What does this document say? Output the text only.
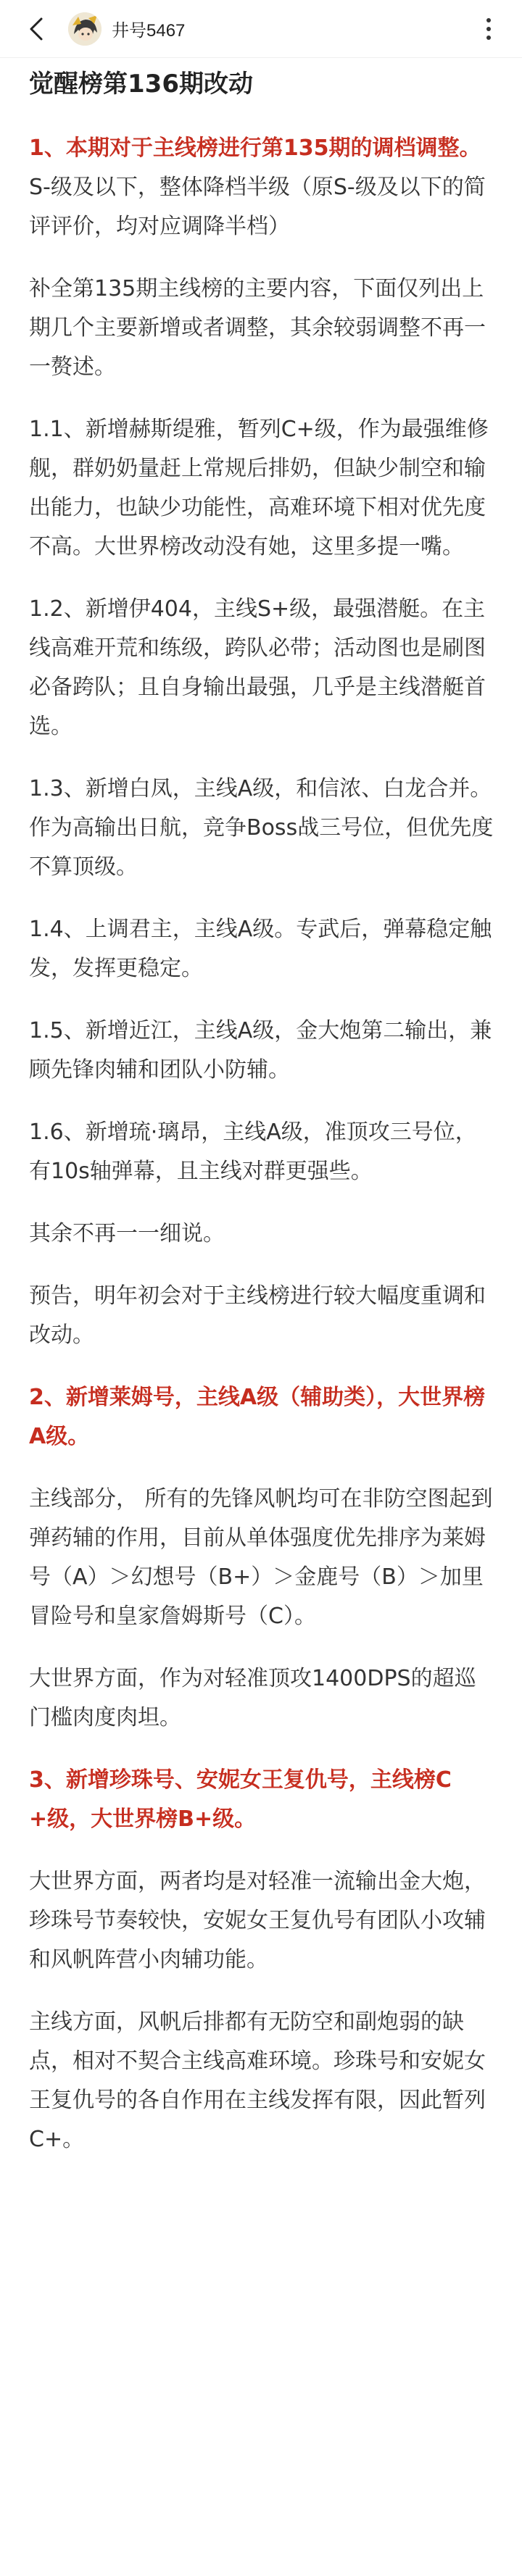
井号5467
觉醒榜第136期改动

1、本期对于主线榜进行第135期的调档调整。S-级及以下，整体降档半级（原S-级及以下的简评评价，均对应调降半档）

补全第135期主线榜的主要内容，下面仅列出上期几个主要新增或者调整，其余较弱调整不再一一赘述。

1.1、新增赫斯缇雅，暂列C+级，作为最强维修舰，群奶奶量赶上常规后排奶，但缺少制空和输出能力，也缺少功能性，高难环境下相对优先度不高。大世界榜改动没有她，这里多提一嘴。

1.2、新增伊404，主线S+级，最强潜艇。在主线高难开荒和练级，跨队必带；活动图也是刷图必备跨队；且自身输出最强，几乎是主线潜艇首选。

1.3、新增白凤，主线A级，和信浓、白龙合并。作为高输出日航，竞争Boss战三号位，但优先度不算顶级。

1.4、上调君主，主线A级。专武后，弹幕稳定触发，发挥更稳定。

1.5、新增近江，主线A级，金大炮第二输出，兼顾先锋肉辅和团队小防辅。

1.6、新增琉·璃昂，主线A级，准顶攻三号位，有10s轴弹幕，且主线对群更强些。

其余不再一一细说。

预告，明年初会对于主线榜进行较大幅度重调和改动。

2、新增莱姆号，主线A级（辅助类），大世界榜A级。

主线部分， 所有的先锋风帆均可在非防空图起到弹药辅的作用，目前从单体强度优先排序为莱姆号（A）＞幻想号（B+）＞金鹿号（B）＞加里冒险号和皇家詹姆斯号（C）。

大世界方面，作为对轻准顶攻1400DPS的超巡门槛肉度肉坦。

3、新增珍珠号、安妮女王复仇号，主线榜C+级，大世界榜B+级。

大世界方面，两者均是对轻准一流输出金大炮，珍珠号节奏较快，安妮女王复仇号有团队小攻辅和风帆阵营小肉辅功能。

主线方面，风帆后排都有无防空和副炮弱的缺点，相对不契合主线高难环境。珍珠号和安妮女王复仇号的各自作用在主线发挥有限，因此暂列C+。
